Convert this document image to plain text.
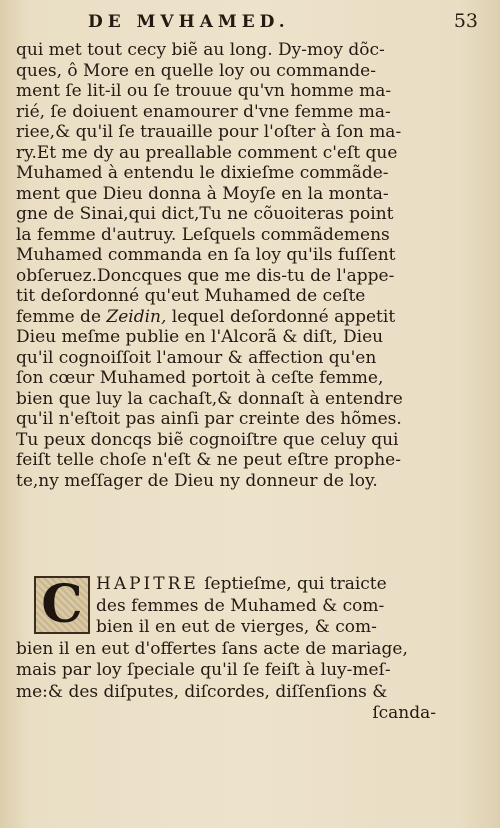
DE MVHAMED.	53
qui met tout cecy biẽ au long. Dy-moy dõc-
ques, ô More en quelle loy ou commande-
ment ſe lit-il ou ſe trouue qu'vn homme ma-
rié, ſe doiuent enamourer d'vne femme ma-
riee,& qu'il ſe trauaille pour l'oſter à ſon ma-
ry.Et me dy au preallable comment c'eſt que
Muhamed à entendu le dixieſme commãde-
ment que Dieu donna à Moyſe en la monta-
gne de Sinai,qui dict,Tu ne cõuoiteras point
la femme d'autruy. Leſquels commãdemens
Muhamed commanda en ſa loy qu'ils fuſſent
obſeruez.Doncques que me dis-tu de l'appe-
tit deſordonné qu'eut Muhamed de ceſte
femme de Zeidin, lequel deſordonné appetit
Dieu meſme publie en l'Alcorã & diſt, Dieu
qu'il cognoiſſoit l'amour & affection qu'en
ſon cœur Muhamed portoit à ceſte femme,
bien que luy la cachaſt,& donnaſt à entendre
qu'il n'eſtoit pas ainſi par creinte des hõmes.
Tu peux doncqs biẽ cognoiſtre que celuy qui
feiſt telle choſe n'eſt & ne peut eſtre prophe-
te,ny meſſager de Dieu ny donneur de loy.
C HAPITRE ſeptieſme, qui traicte
des femmes de Muhamed & com-
bien il en eut de vierges, & com-
bien il en eut d'offertes ſans acte de mariage,
mais par loy ſpeciale qu'il ſe feiſt à luy-meſ-
me:& des diſputes, diſcordes, diſſenſions &
ſcanda-
